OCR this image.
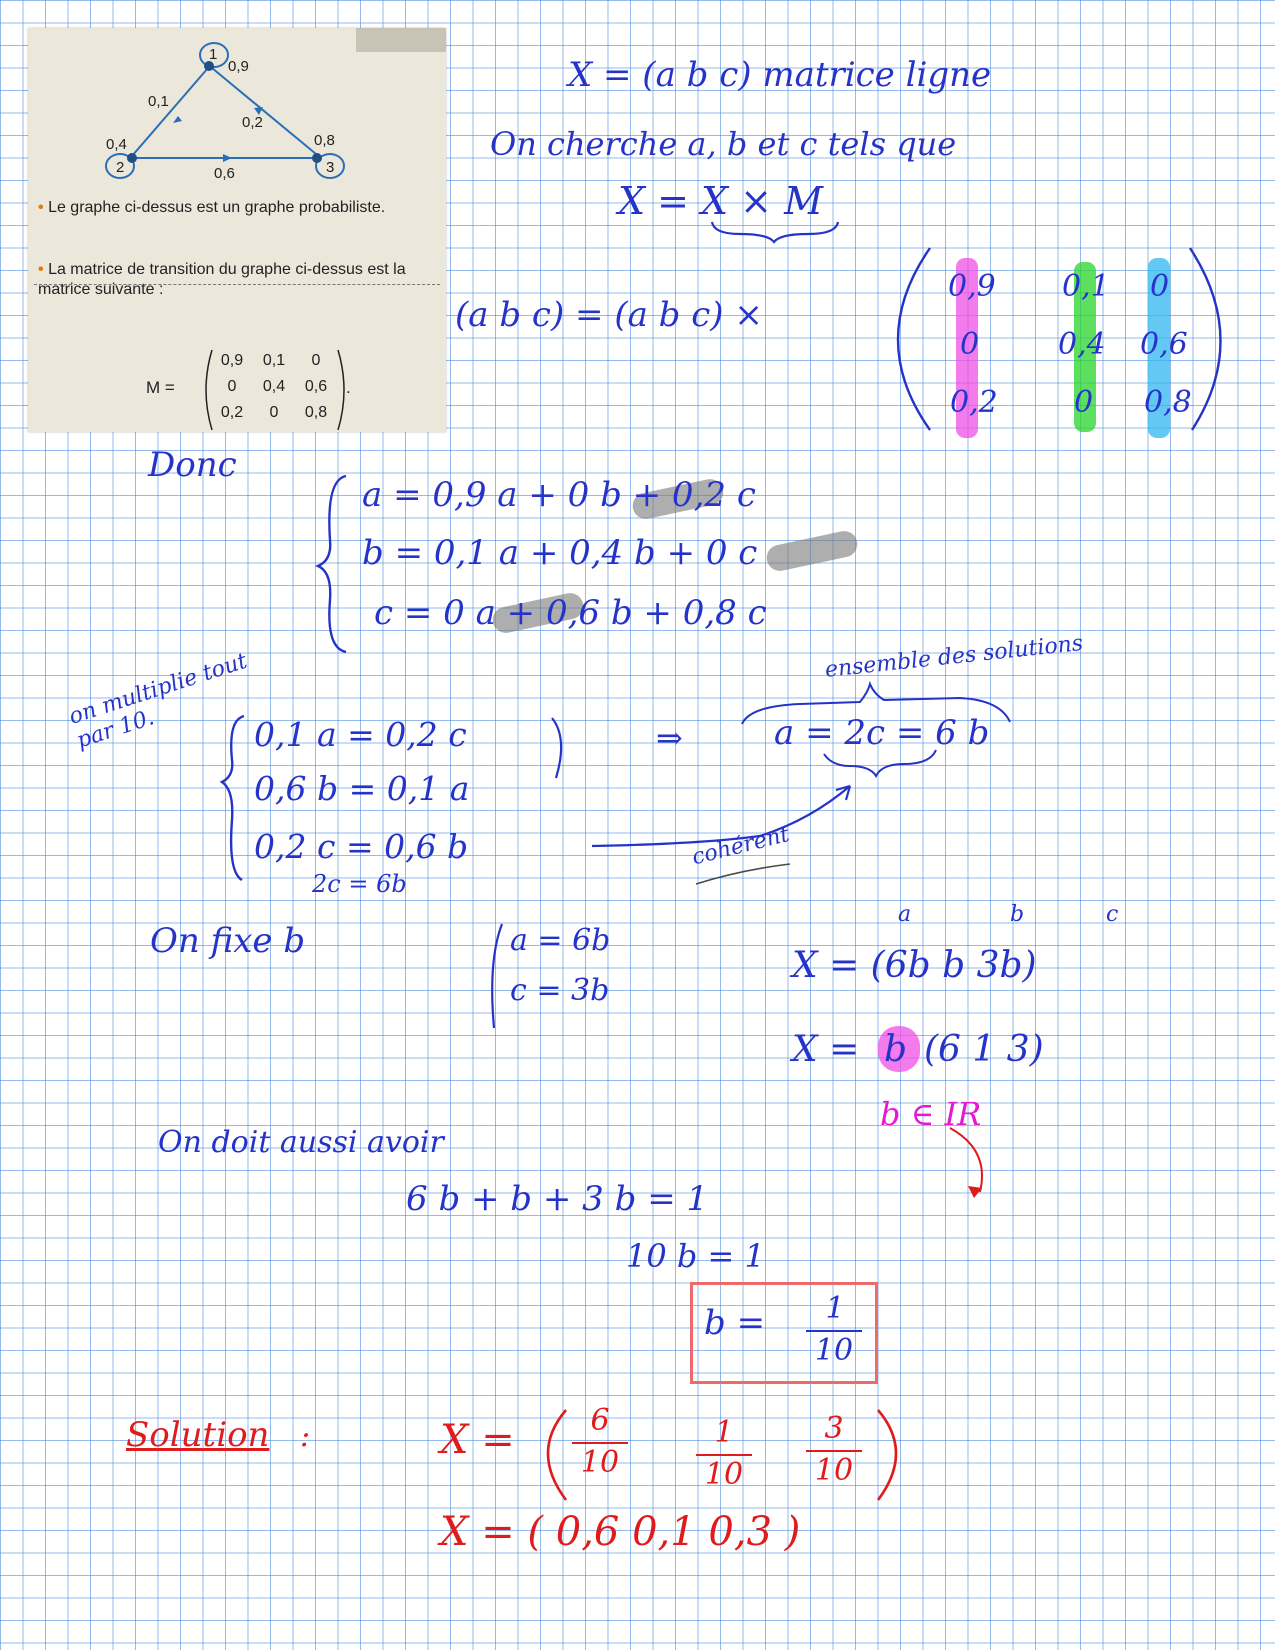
1
2	3
0,9
0,1
0,2
0,4
0,6
0,8
• Le graphe ci-dessus est un graphe probabiliste.
• La matrice de transition du graphe ci-dessus est la matrice suivante :
M =
0,9	0,1	0
0	0,4	0,6
0,2	0	0,8
.
X = (a b c) matrice ligne
On cherche a, b et c tels que
X = X × M
(a b c) = (a b c) ×
0,9 0,1 0
0	0,4 0,6
0,2	0 0,8
Donc
a = 0,9 a + 0 b + 0,2 c
b = 0,1 a + 0,4 b + 0 c
c = 0 a + 0,6 b + 0,8 c
on multiplie tout par 10.	0,1 a = 0,2 c
0,6 b = 0,1 a
0,2 c = 0,6 b
2c = 6b
⇒	a = 2c = 6 b
ensemble des solutions
cohérent
On fixe b	a = 6b
c = 3b
a	b	c
X = (6b b 3b)
X = b (6 1 3)
b ∈ IR
On doit aussi avoir
6 b + b + 3 b = 1
10 b = 1
b =	1
10
Solution :	X =	6
10
1
10
3
10
X = ( 0,6 0,1 0,3 )
